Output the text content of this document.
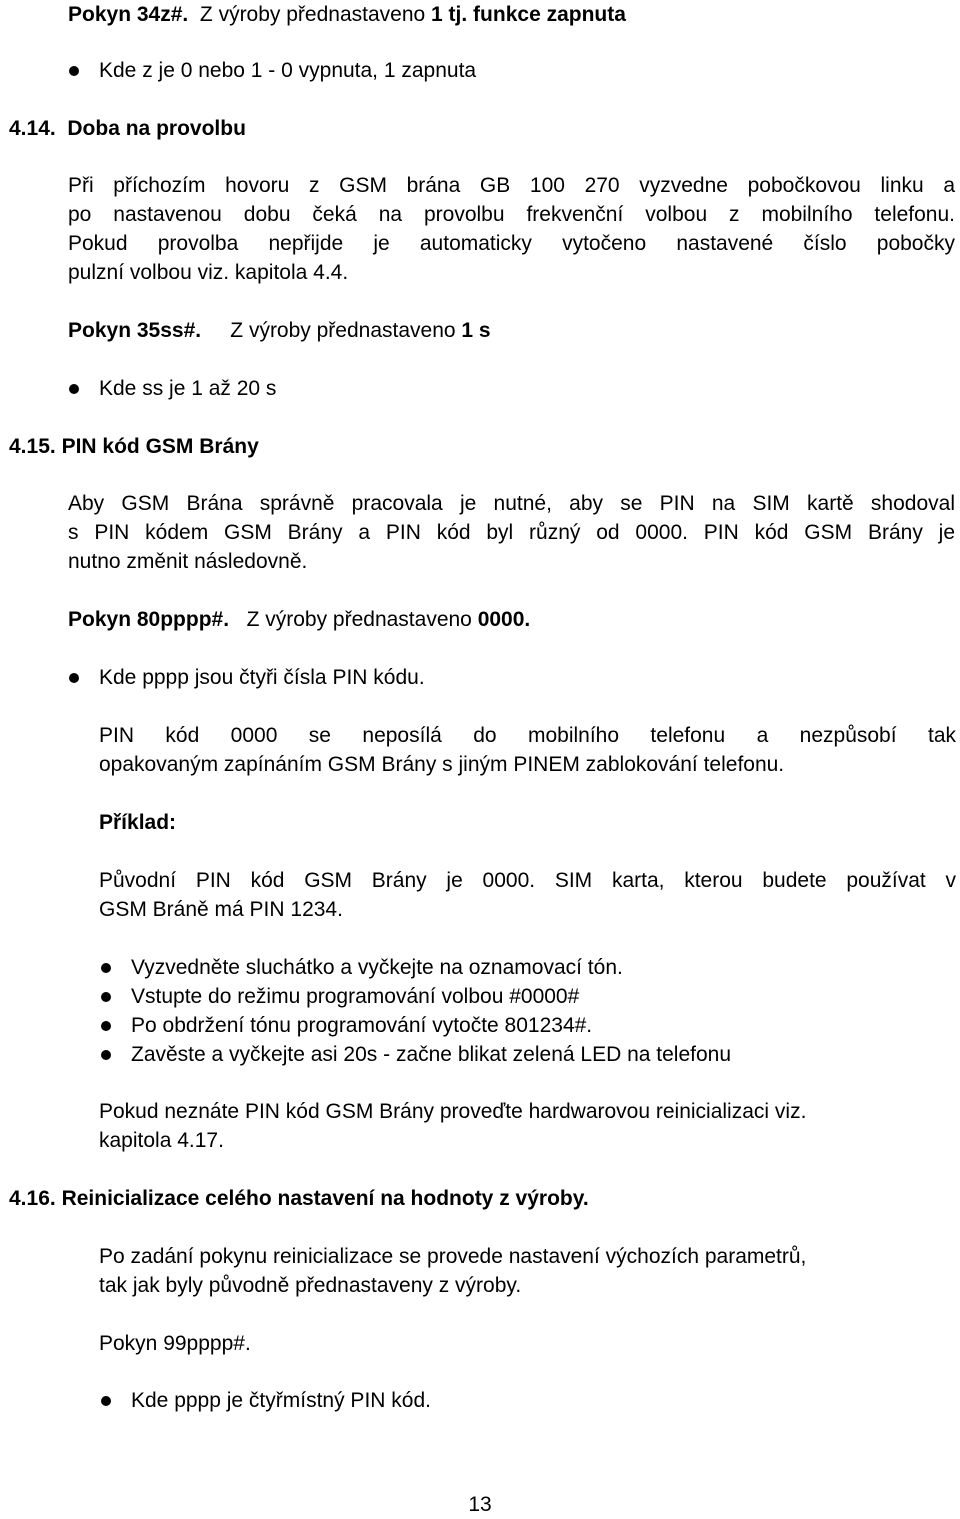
Pokyn 34z#. Z výroby přednastaveno 1 tj. funkce zapnuta
Kde z je 0 nebo 1 - 0 vypnuta, 1 zapnuta
4.14. Doba na provolbu
Při příchozím hovoru z GSM brána GB 100 270 vyzvedne pobočkovou linku a
po nastavenou dobu čeká na provolbu frekvenční volbou z mobilního telefonu.
Pokud provolba nepřijde je automaticky vytočeno nastavené číslo pobočky
pulzní volbou viz. kapitola 4.4.
Pokyn 35ss#. Z výroby přednastaveno 1 s
Kde ss je 1 až 20 s
4.15. PIN kód GSM Brány
Aby GSM Brána správně pracovala je nutné, aby se PIN na SIM kartě shodoval
s PIN kódem GSM Brány a PIN kód byl různý od 0000. PIN kód GSM Brány je
nutno změnit následovně.
Pokyn 80pppp#. Z výroby přednastaveno 0000.
Kde pppp jsou čtyři čísla PIN kódu.
PIN kód 0000 se neposílá do mobilního telefonu a nezpůsobí tak
opakovaným zapínáním GSM Brány s jiným PINEM zablokování telefonu.
Příklad:
Původní PIN kód GSM Brány je 0000. SIM karta, kterou budete používat v
GSM Bráně má PIN 1234.
Vyzvedněte sluchátko a vyčkejte na oznamovací tón.
Vstupte do režimu programování volbou #0000#
Po obdržení tónu programování vytočte 801234#.
Zavěste a vyčkejte asi 20s - začne blikat zelená LED na telefonu
Pokud neznáte PIN kód GSM Brány proveďte hardwarovou reinicializaci viz.
kapitola 4.17.
4.16. Reinicializace celého nastavení na hodnoty z výroby.
Po zadání pokynu reinicializace se provede nastavení výchozích parametrů,
tak jak byly původně přednastaveny z výroby.
Pokyn 99pppp#.
Kde pppp je čtyřmístný PIN kód.
13
